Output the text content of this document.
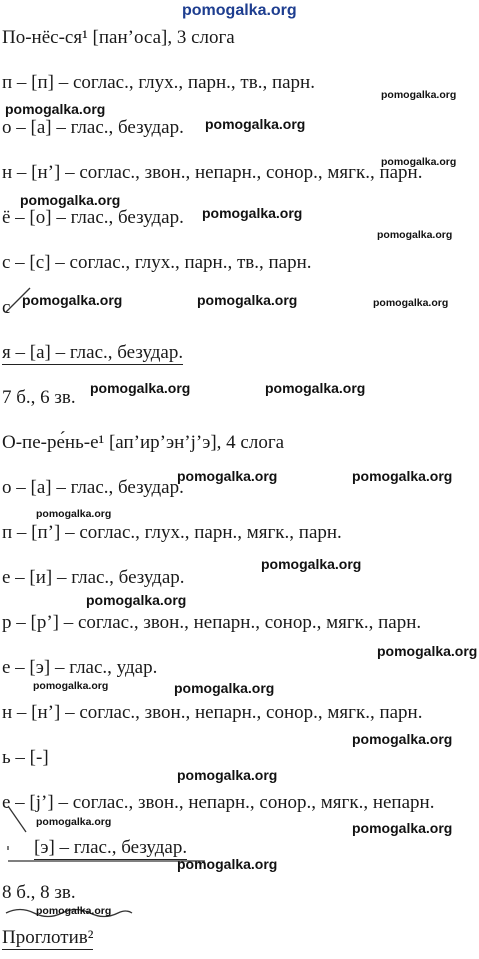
pomogalka.org
По-нёс-ся¹ [пан’оса], 3 слога
п – [п] – соглас., глух., парн., тв., парн.
о – [а] – глас., безудар.
н – [н’] – соглас., звон., непарн., сонор., мягк., парн.
ё – [о] – глас., безудар.
с – [с] – соглас., глух., парн., тв., парн.
с
я – [а] – глас., безудар.
7 б., 6 зв.
О-пе-ре́нь-е¹ [ап’ир’эн’j’э], 4 слога
о – [а] – глас., безудар.
п – [п’] – соглас., глух., парн., мягк., парн.
е – [и] – глас., безудар.
р – [р’] – соглас., звон., непарн., сонор., мягк., парн.
е – [э] – глас., удар.
н – [н’] – соглас., звон., непарн., сонор., мягк., парн.
ь – [-]
е – [j’] – соглас., звон., непарн., сонор., мягк., непарн.
[э] – глас., безудар.
8 б., 8 зв.
Проглотив²
pomogalka.org
pomogalka.org
pomogalka.org
pomogalka.org
pomogalka.org
pomogalka.org
pomogalka.org
pomogalka.org	pomogalka.org	pomogalka.org
pomogalka.org	pomogalka.org
pomogalka.org	pomogalka.org
pomogalka.org
pomogalka.org
pomogalka.org
pomogalka.org
pomogalka.org	pomogalka.org
pomogalka.org
pomogalka.org
pomogalka.org	pomogalka.org
pomogalka.org
pomogalka.org
